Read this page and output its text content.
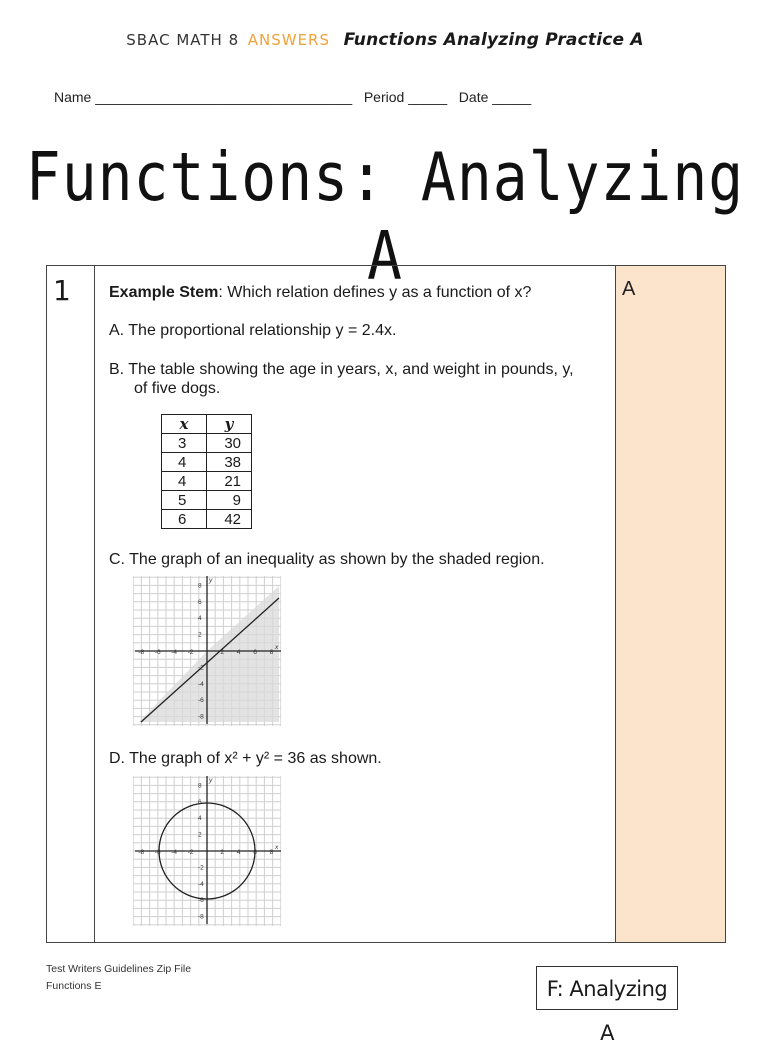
SBAC MATH 8 ANSWERS Functions Analyzing Practice A
Name _________________________________   Period _____   Date _____
Functions: Analyzing A
1 Example Stem: Which relation defines y as a function of x?
A. The proportional relationship y = 2.4x.
B. The table showing the age in years, x, and weight in pounds, y,
of five dogs.
x	y
3	30
4	38
4	21
5	9
6	42
C. The graph of an inequality as shown by the shaded region.
-8 -6 -4 -2	2 4 6 8
8
6
4
2
-2
-4
-6
-8
x
y
D. The graph of x² + y² = 36 as shown.
-8 -6 -4 -2	2 4 6 8
8
6
4
2
-2
-4
-6
-8
x
y
A
Test Writers Guidelines Zip File
Functions E	F: Analyzing A
